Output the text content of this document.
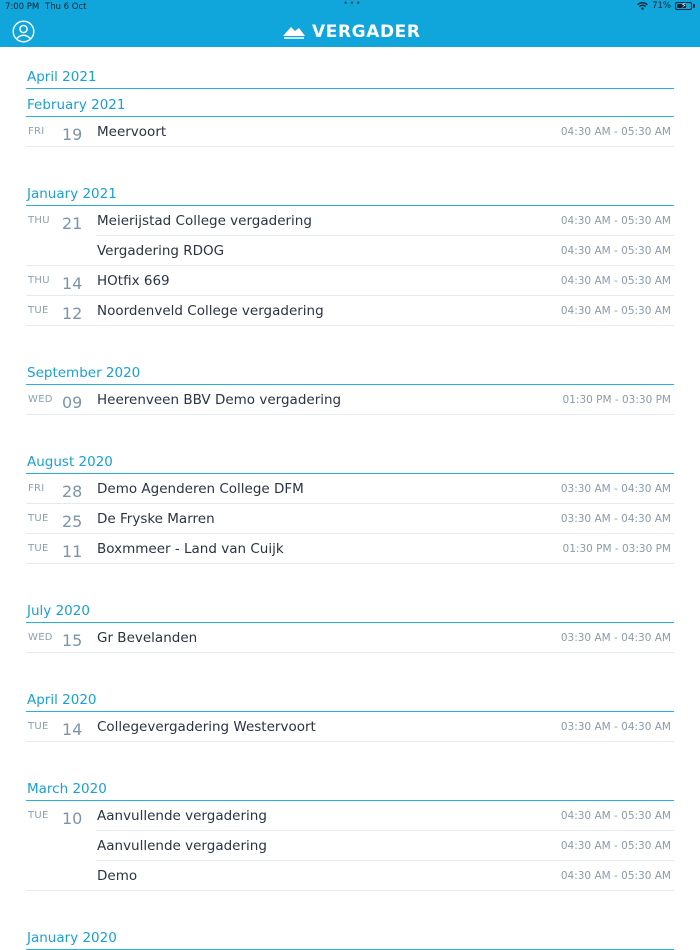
7:00 PM Thu 6 Oct	•••	71% ⚡
VERGADER
April 2021
February 2021
FRI 19 Meervoort	04:30 AM - 05:30 AM
January 2021
THU 21 Meierijstad College vergadering	04:30 AM - 05:30 AM
Vergadering RDOG	04:30 AM - 05:30 AM
THU 14 HOtfix 669	04:30 AM - 05:30 AM
TUE 12 Noordenveld College vergadering	04:30 AM - 05:30 AM
September 2020
WED 09 Heerenveen BBV Demo vergadering	01:30 PM - 03:30 PM
August 2020
FRI 28 Demo Agenderen College DFM	03:30 AM - 04:30 AM
TUE 25 De Fryske Marren	03:30 AM - 04:30 AM
TUE 11 Boxmmeer - Land van Cuijk	01:30 PM - 03:30 PM
July 2020
WED 15 Gr Bevelanden	03:30 AM - 04:30 AM
April 2020
TUE 14 Collegevergadering Westervoort	03:30 AM - 04:30 AM
March 2020
TUE 10 Aanvullende vergadering	04:30 AM - 05:30 AM
Aanvullende vergadering	04:30 AM - 05:30 AM
Demo	04:30 AM - 05:30 AM
January 2020
